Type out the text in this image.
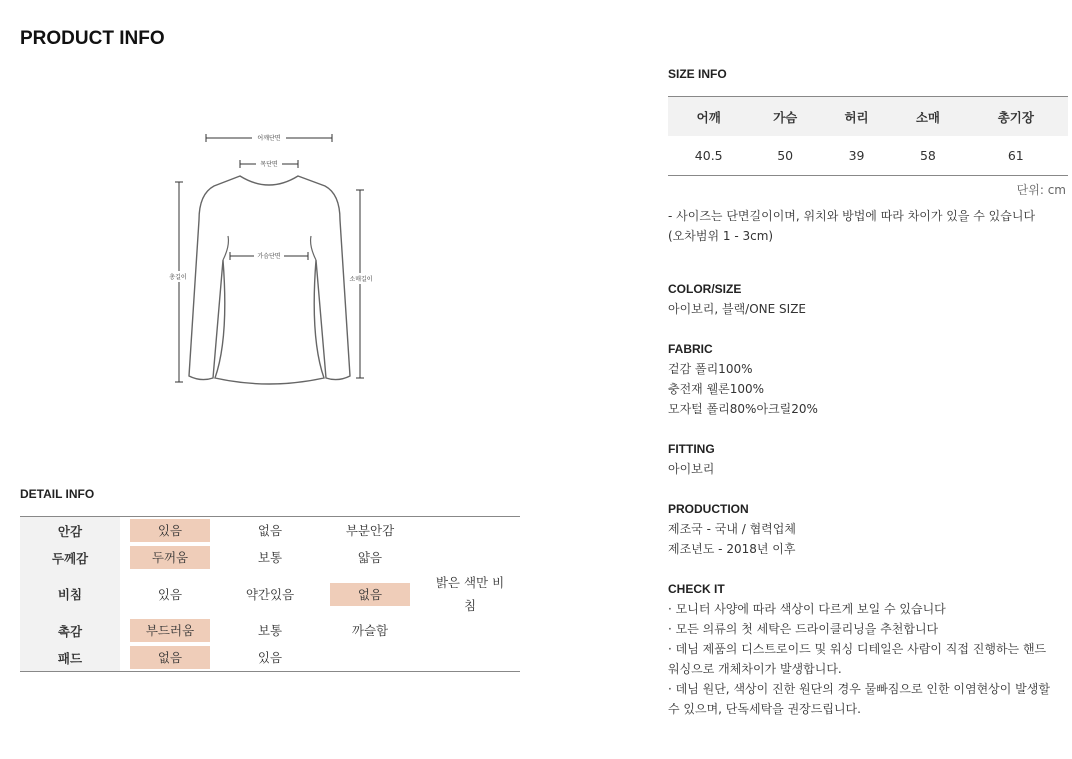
PRODUCT INFO
어깨단면
목단면
총길이	소매길이
가슴단면
DETAIL INFO
안감	있음	없음	부분안감	

두께감	두꺼움	보통	얇음	

비침	있음	약간있음	없음	밝은 색만 비침

촉감	부드러움	보통	까슬함	

패드	없음	있음		

SIZE INFO
어깨	가슴	허리	소매	총기장
40.5	50	39	58	61
단위: cm
- 사이즈는 단면길이이며, 위치와 방법에 따라 차이가 있을 수 있습니다
(오차범위 1 - 3cm)
COLOR/SIZE
아이보리, 블랙/ONE SIZE
FABRIC
겉감 폴리100%
충전재 웰론100%
모자털 폴리80%아크릴20%
FITTING
아이보리
PRODUCTION
제조국 - 국내 / 협력업체
제조년도 - 2018년 이후
CHECK IT
· 모니터 사양에 따라 색상이 다르게 보일 수 있습니다
· 모든 의류의 첫 세탁은 드라이클리닝을 추천합니다
· 데님 제품의 디스트로이드 및 워싱 디테일은 사람이 직접 진행하는 핸드
워싱으로 개체차이가 발생합니다.
· 데님 원단, 색상이 진한 원단의 경우 물빠짐으로 인한 이염현상이 발생할
수 있으며, 단독세탁을 권장드립니다.
